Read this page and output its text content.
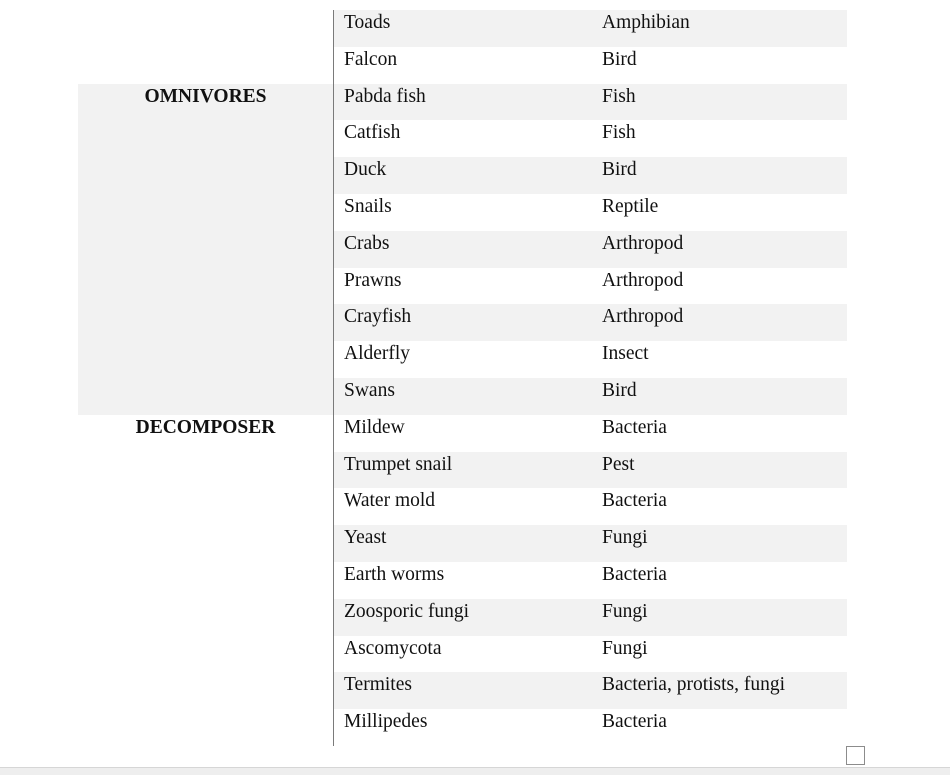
	Toads	Amphibian

	Falcon	Bird

OMNIVORES	Pabda fish	Fish

	Catfish	Fish

	Duck	Bird

	Snails	Reptile

	Crabs	Arthropod

	Prawns	Arthropod

	Crayfish	Arthropod

	Alderfly	Insect

	Swans	Bird

DECOMPOSER	Mildew	Bacteria

	Trumpet snail	Pest

	Water mold	Bacteria

	Yeast	Fungi

	Earth worms	Bacteria

	Zoosporic fungi	Fungi

	Ascomycota	Fungi

	Termites	Bacteria, protists, fungi

	Millipedes	Bacteria
